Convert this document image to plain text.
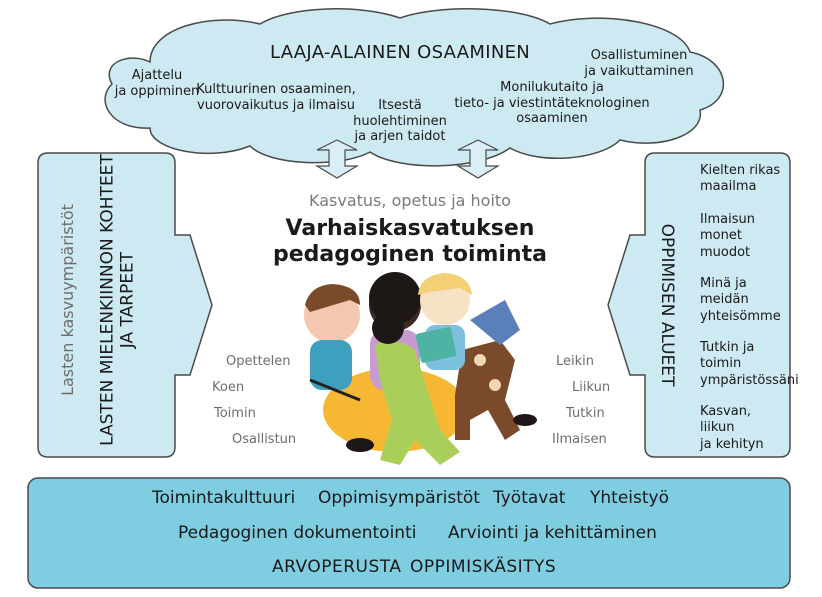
LAAJA-ALAINEN OSAAMINEN
Ajattelu
ja oppiminen
Kulttuurinen osaaminen,
vuorovaikutus ja ilmaisu	Itsestä
huolehtiminen
ja arjen taidot
Monilukutaito ja
tieto- ja viestintäteknologinen
osaaminen
Osallistuminen
ja vaikuttaminen
Kasvatus, opetus ja hoito
Varhaiskasvatuksen
pedagoginen toiminta
Opettelen
Koen
Toimin
Osallistun
Leikin
Liikun
Tutkin
Ilmaisen
Lasten kasvuympäristöt LASTEN MIELENKIINNON KOHTEET JA TARPEET	OPPIMISEN ALUEET
Kielten rikas
maailma
Ilmaisun
monet
muodot
Minä ja
meidän
yhteisömme
Tutkin ja
toimin
ympäristössäni
Kasvan,
liikun
ja kehityn
Toimintakulttuuri Oppimisympäristöt Työtavat Yhteistyö
Pedagoginen dokumentointi Arviointi ja kehittäminen
ARVOPERUSTA OPPIMISKÄSITYS
